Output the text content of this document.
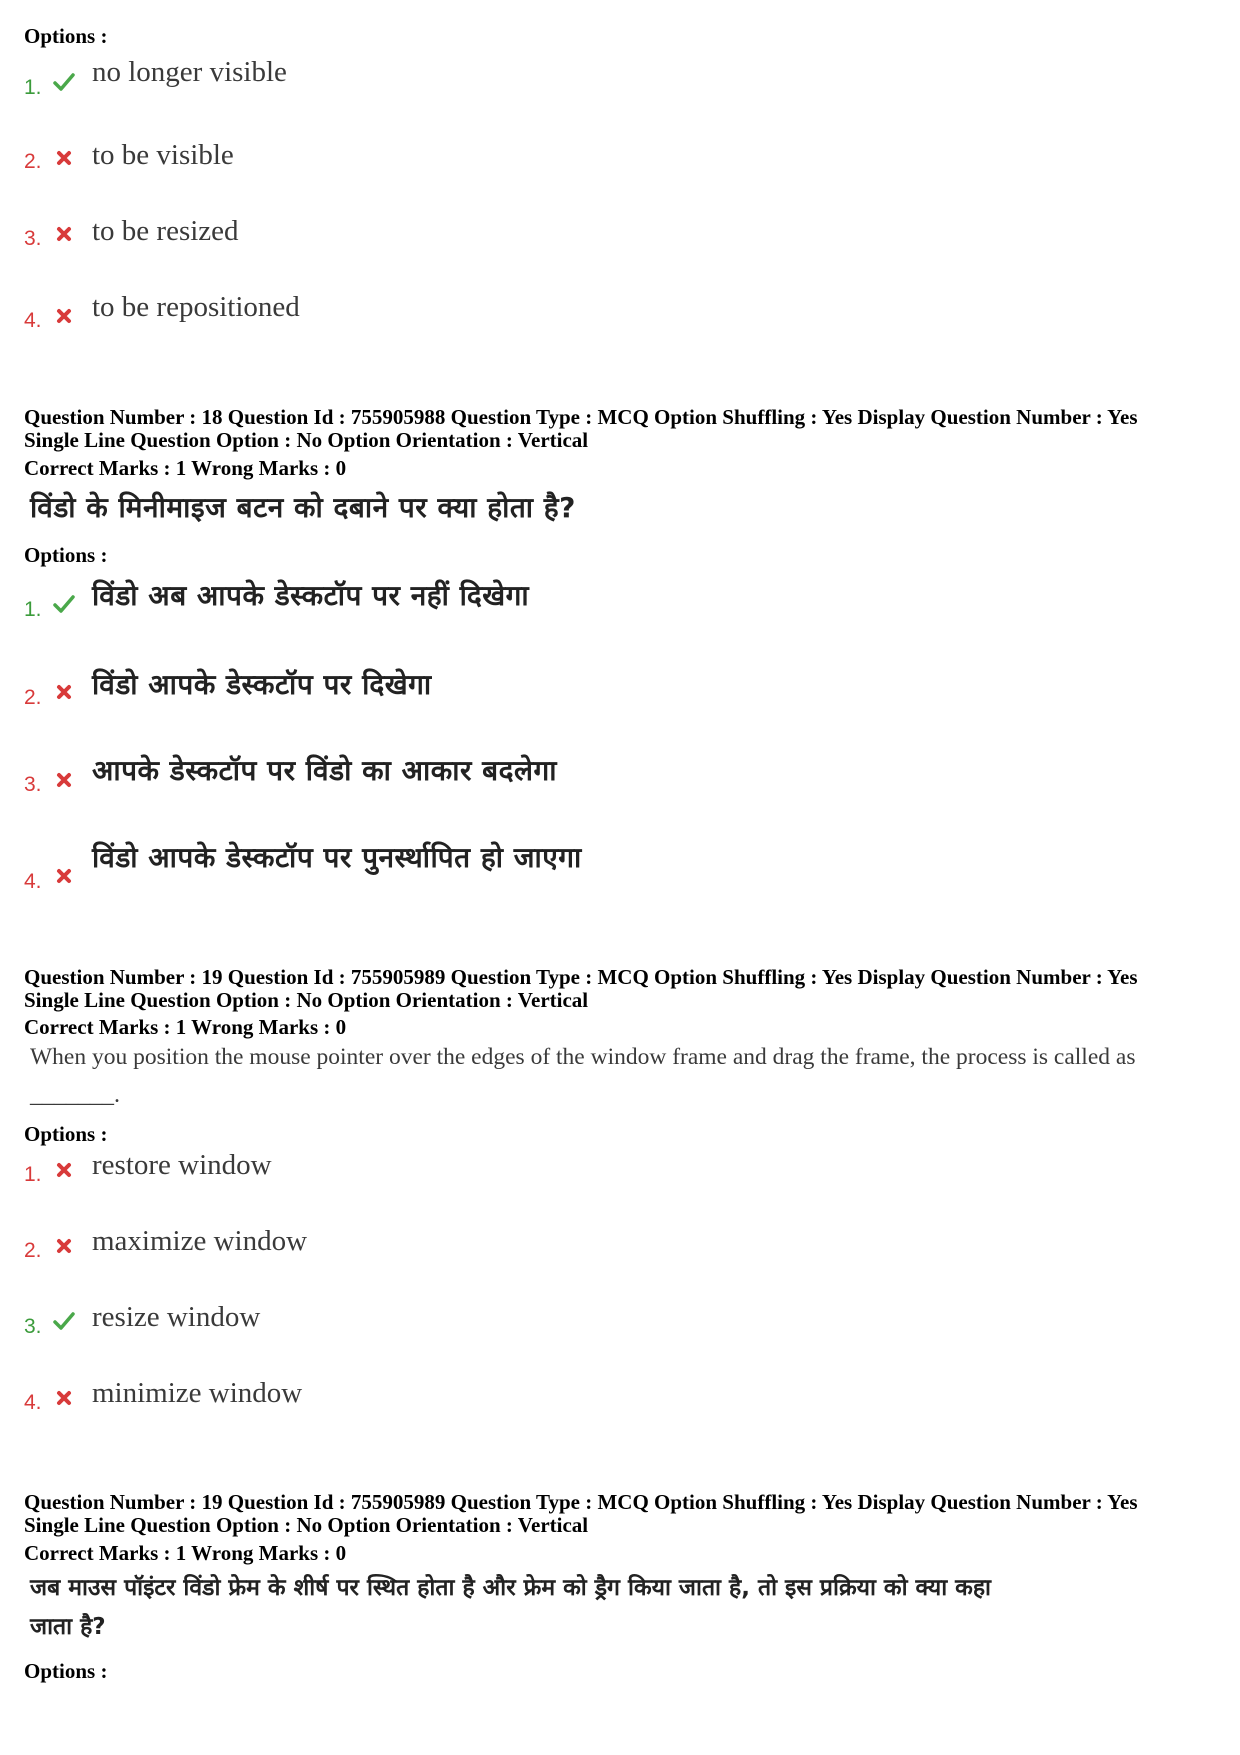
Options :
1. no longer visible
2. to be visible
3. to be resized
4. to be repositioned
Question Number : 18 Question Id : 755905988 Question Type : MCQ Option Shuffling : Yes Display Question Number : Yes
Single Line Question Option : No Option Orientation : Vertical
Correct Marks : 1 Wrong Marks : 0
विंडो के मिनीमाइज बटन को दबाने पर क्या होता है?
Options :
1. विंडो अब आपके डेस्कटॉप पर नहीं दिखेगा
2. विंडो आपके डेस्कटॉप पर दिखेगा
3. आपके डेस्कटॉप पर विंडो का आकार बदलेगा
4.
विंडो आपके डेस्कटॉप पर पुनर्स्थापित हो जाएगा
Question Number : 19 Question Id : 755905989 Question Type : MCQ Option Shuffling : Yes Display Question Number : Yes
Single Line Question Option : No Option Orientation : Vertical
Correct Marks : 1 Wrong Marks : 0
When you position the mouse pointer over the edges of the window frame and drag the frame, the process is called as
_______.
Options :
1. restore window
2. maximize window
3. resize window
4. minimize window
Question Number : 19 Question Id : 755905989 Question Type : MCQ Option Shuffling : Yes Display Question Number : Yes
Single Line Question Option : No Option Orientation : Vertical
Correct Marks : 1 Wrong Marks : 0
जब माउस पॉइंटर विंडो फ्रेम के शीर्ष पर स्थित होता है और फ्रेम को ड्रैग किया जाता है, तो इस प्रक्रिया को क्या कहा
जाता है?
Options :
